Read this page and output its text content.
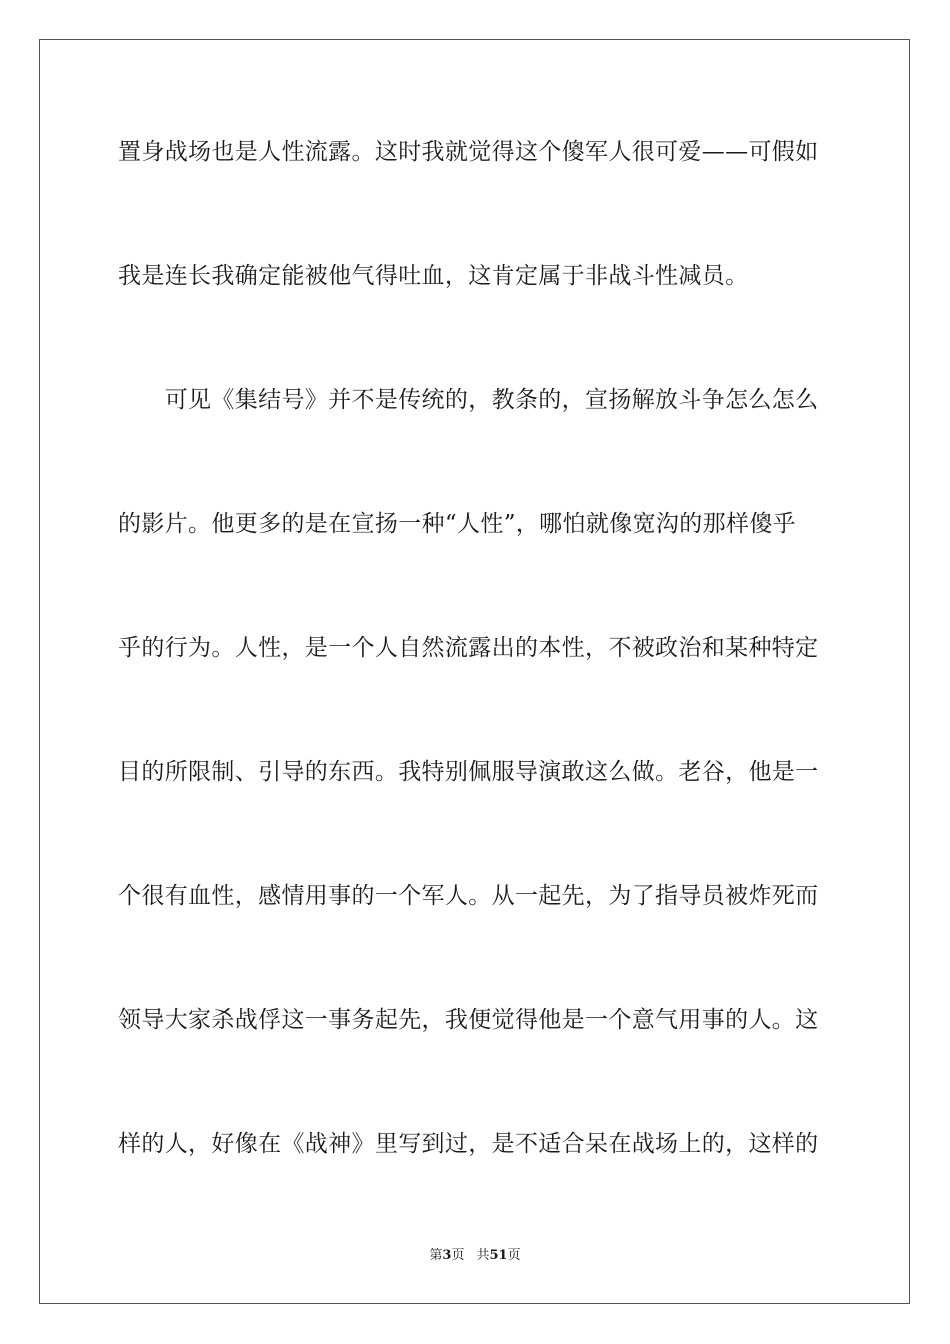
置身战场也是人性流露。这时我就觉得这个傻军人很可爱——可假如
我是连长我确定能被他气得吐血，这肯定属于非战斗性减员。
　　可见《集结号》并不是传统的，教条的，宣扬解放斗争怎么怎么
的影片。他更多的是在宣扬一种“人性”，哪怕就像宽沟的那样傻乎
乎的行为。人性，是一个人自然流露出的本性，不被政治和某种特定
目的所限制、引导的东西。我特别佩服导演敢这么做。老谷，他是一
个很有血性，感情用事的一个军人。从一起先，为了指导员被炸死而
领导大家杀战俘这一事务起先，我便觉得他是一个意气用事的人。这
样的人，好像在《战神》里写到过，是不适合呆在战场上的，这样的
第3页 共51页
